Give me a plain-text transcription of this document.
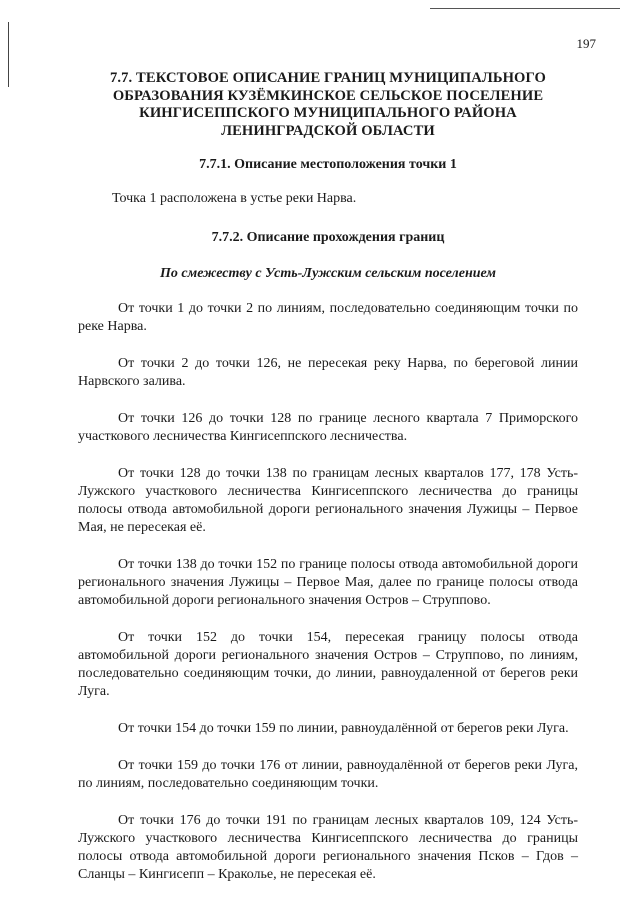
197
7.7. ТЕКСТОВОЕ ОПИСАНИЕ ГРАНИЦ МУНИЦИПАЛЬНОГО
ОБРАЗОВАНИЯ КУЗЁМКИНСКОЕ СЕЛЬСКОЕ ПОСЕЛЕНИЕ
КИНГИСЕППСКОГО МУНИЦИПАЛЬНОГО РАЙОНА
ЛЕНИНГРАДСКОЙ ОБЛАСТИ

7.7.1. Описание местоположения точки 1

Точка 1 расположена в устье реки Нарва.

7.7.2. Описание прохождения границ

По смежеству с Усть-Лужским сельским поселением

От точки 1 до точки 2 по линиям, последовательно соединяющим точки по реке Нарва.

От точки 2 до точки 126, не пересекая реку Нарва, по береговой линии Нарвского залива.

От точки 126 до точки 128 по границе лесного квартала 7 Приморского участкового лесничества Кингисеппского лесничества.

От точки 128 до точки 138 по границам лесных кварталов 177, 178 Усть-Лужского участкового лесничества Кингисеппского лесничества до границы полосы отвода автомобильной дороги регионального значения Лужицы – Первое Мая, не пересекая её.

От точки 138 до точки 152 по границе полосы отвода автомобильной дороги регионального значения Лужицы – Первое Мая, далее по границе полосы отвода автомобильной дороги регионального значения Остров – Струппово.

От точки 152 до точки 154, пересекая границу полосы отвода автомобильной дороги регионального значения Остров – Струппово, по линиям, последовательно соединяющим точки, до линии, равноудаленной от берегов реки Луга.

От точки 154 до точки 159 по линии, равноудалённой от берегов реки Луга.

От точки 159 до точки 176 от линии, равноудалённой от берегов реки Луга, по линиям, последовательно соединяющим точки.

От точки 176 до точки 191 по границам лесных кварталов 109, 124 Усть-Лужского участкового лесничества Кингисеппского лесничества до границы полосы отвода автомобильной дороги регионального значения Псков – Гдов – Сланцы – Кингисепп – Кракольe, не пересекая её.
